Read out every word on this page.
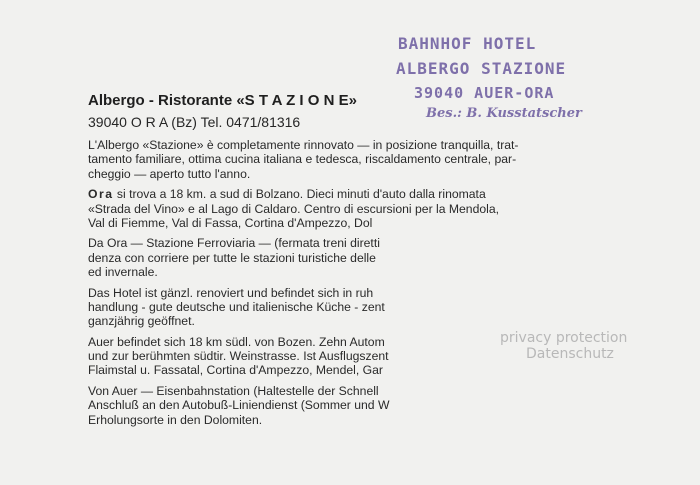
BAHNHOF HOTEL
ALBERGO STAZIONE
39040 AUER-ORA
Bes.: B. Kusstatscher
Albergo - Ristorante «S T A Z I O N E»
39040 O R A (Bz) Tel. 0471/81316
L'Albergo «Stazione» è completamente rinnovato — in posizione tranquilla, trat-
tamento familiare, ottima cucina italiana e tedesca, riscaldamento centrale, par-
cheggio — aperto tutto l'anno.
Ora si trova a 18 km. a sud di Bolzano. Dieci minuti d'auto dalla rinomata
«Strada del Vino» e al Lago di Caldaro. Centro di escursioni per la Mendola,
Val di Fiemme, Val di Fassa, Cortina d'Ampezzo, Dol
Da Ora — Stazione Ferroviaria — (fermata treni diretti
denza con corriere per tutte le stazioni turistiche delle
ed invernale.
Das Hotel ist gänzl. renoviert und befindet sich in ruh
handlung - gute deutsche und italienische Küche - zent
ganzjährig geöffnet.
Auer befindet sich 18 km südl. von Bozen. Zehn Autom
und zur berühmten südtir. Weinstrasse. Ist Ausflugszent
Flaimstal u. Fassatal, Cortina d'Ampezzo, Mendel, Gar
Von Auer — Eisenbahnstation (Haltestelle der Schnell
Anschluß an den Autobuß-Liniendienst (Sommer und W
Erholungsorte in den Dolomiten.
privacy protection
Datenschutz
